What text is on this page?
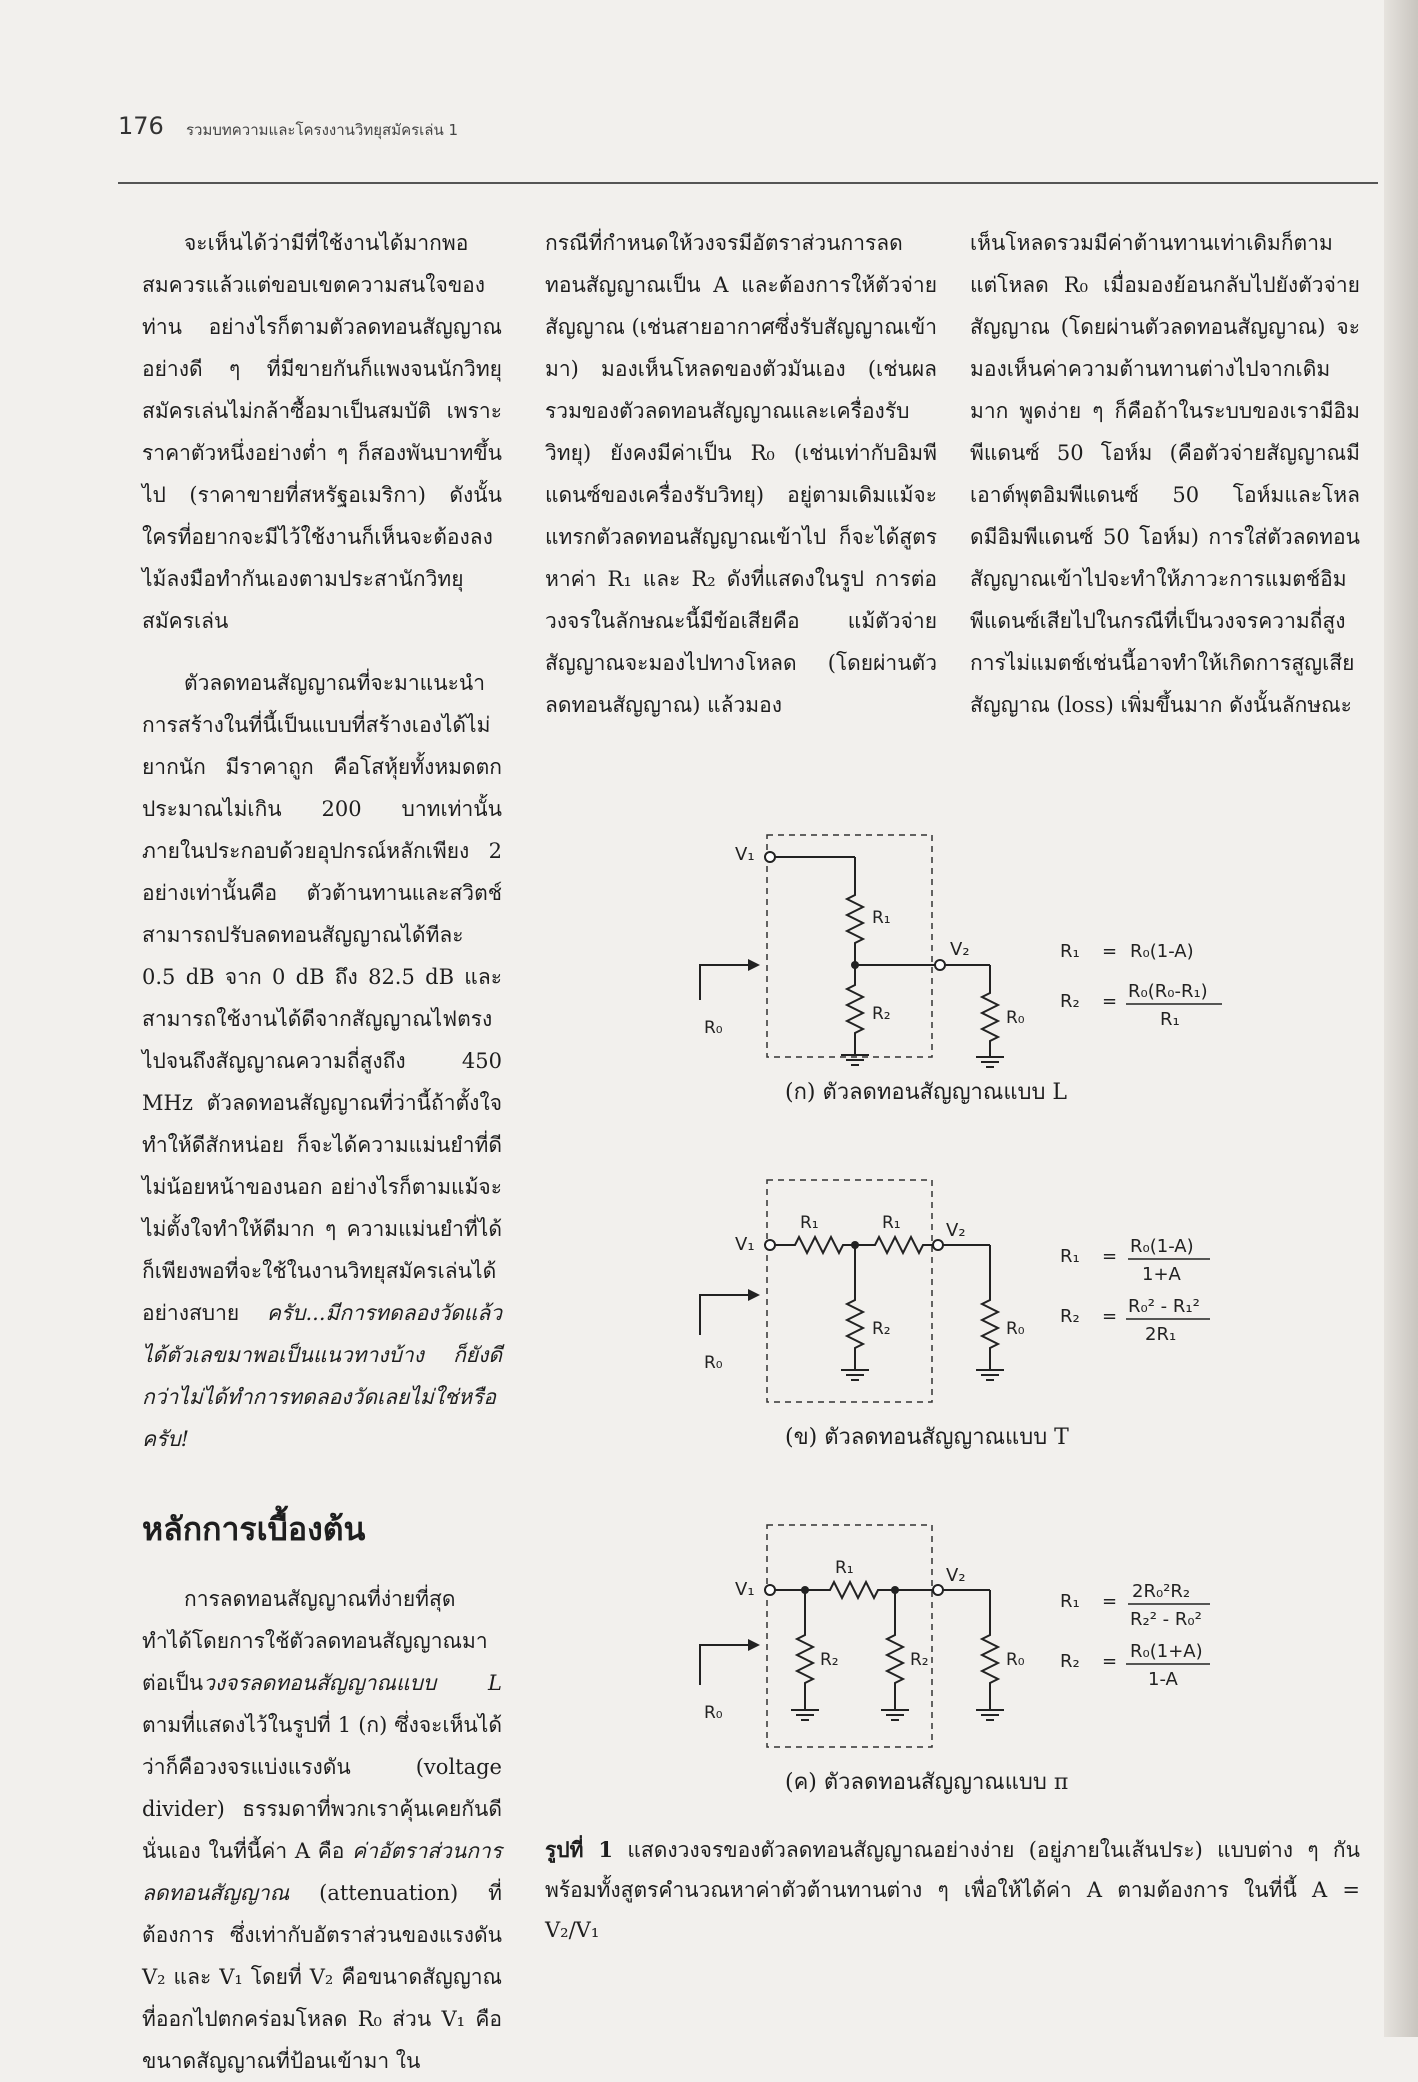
176 รวมบทความและโครงงานวิทยุสมัครเล่น 1

จะเห็นได้ว่ามีที่ใช้งานได้มากพอสมควรแล้วแต่ขอบเขตความสนใจของท่าน อย่างไรก็ตามตัวลดทอนสัญญาณอย่างดี ๆ ที่มีขายกันก็แพงจนนักวิทยุสมัครเล่นไม่กล้าซื้อมาเป็นสมบัติ เพราะราคาตัวหนึ่งอย่างต่ำ ๆ ก็สองพันบาทขึ้นไป (ราคาขายที่สหรัฐอเมริกา) ดังนั้นใครที่อยากจะมีไว้ใช้งานก็เห็นจะต้องลงไม้ลงมือทำกันเองตามประสานักวิทยุสมัครเล่น

ตัวลดทอนสัญญาณที่จะมาแนะนำการสร้างในที่นี้เป็นแบบที่สร้างเองได้ไม่ยากนัก มีราคาถูก คือโสหุ้ยทั้งหมดตกประมาณไม่เกิน 200 บาทเท่านั้น ภายในประกอบด้วยอุปกรณ์หลักเพียง 2 อย่างเท่านั้นคือ ตัวต้านทานและสวิตช์สามารถปรับลดทอนสัญญาณได้ทีละ 0.5 dB จาก 0 dB ถึง 82.5 dB และสามารถใช้งานได้ดีจากสัญญาณไฟตรงไปจนถึงสัญญาณความถี่สูงถึง 450 MHz ตัวลดทอนสัญญาณที่ว่านี้ถ้าตั้งใจทำให้ดีสักหน่อย ก็จะได้ความแม่นยำที่ดีไม่น้อยหน้าของนอก อย่างไรก็ตามแม้จะไม่ตั้งใจทำให้ดีมาก ๆ ความแม่นยำที่ได้ก็เพียงพอที่จะใช้ในงานวิทยุสมัครเล่นได้อย่างสบาย ครับ...มีการทดลองวัดแล้วได้ตัวเลขมาพอเป็นแนวทางบ้าง ก็ยังดีกว่าไม่ได้ทำการทดลองวัดเลยไม่ใช่หรือครับ!

หลักการเบื้องต้น

การลดทอนสัญญาณที่ง่ายที่สุดทำได้โดยการใช้ตัวลดทอนสัญญาณมาต่อเป็นวงจรลดทอนสัญญาณแบบ L ตามที่แสดงไว้ในรูปที่ 1 (ก) ซึ่งจะเห็นได้ว่าก็คือวงจรแบ่งแรงดัน (voltage divider) ธรรมดาที่พวกเราคุ้นเคยกันดีนั่นเอง ในที่นี้ค่า A คือ ค่าอัตราส่วนการลดทอนสัญญาณ (attenuation) ที่ต้องการ ซึ่งเท่ากับอัตราส่วนของแรงดัน V₂ และ V₁ โดยที่ V₂ คือขนาดสัญญาณที่ออกไปตกคร่อมโหลด R₀ ส่วน V₁ คือขนาดสัญญาณที่ป้อนเข้ามา ใน

กรณีที่กำหนดให้วงจรมีอัตราส่วนการลดทอนสัญญาณเป็น A และต้องการให้ตัวจ่ายสัญญาณ (เช่นสายอากาศซึ่งรับสัญญาณเข้ามา) มองเห็นโหลดของตัวมันเอง (เช่นผลรวมของตัวลดทอนสัญญาณและเครื่องรับวิทยุ) ยังคงมีค่าเป็น R₀ (เช่นเท่ากับอิมพีแดนซ์ของเครื่องรับวิทยุ) อยู่ตามเดิมแม้จะแทรกตัวลดทอนสัญญาณเข้าไป ก็จะได้สูตรหาค่า R₁ และ R₂ ดังที่แสดงในรูป การต่อวงจรในลักษณะนี้มีข้อเสียคือ แม้ตัวจ่ายสัญญาณจะมองไปทางโหลด (โดยผ่านตัวลดทอนสัญญาณ) แล้วมอง

เห็นโหลดรวมมีค่าต้านทานเท่าเดิมก็ตาม แต่โหลด R₀ เมื่อมองย้อนกลับไปยังตัวจ่ายสัญญาณ (โดยผ่านตัวลดทอนสัญญาณ) จะมองเห็นค่าความต้านทานต่างไปจากเดิมมาก พูดง่าย ๆ ก็คือถ้าในระบบของเรามีอิมพีแดนซ์ 50 โอห์ม (คือตัวจ่ายสัญญาณมีเอาต์พุตอิมพีแดนซ์ 50 โอห์มและโหลดมีอิมพีแดนซ์ 50 โอห์ม) การใส่ตัวลดทอนสัญญาณเข้าไปจะทำให้ภาวะการแมตช์อิมพีแดนซ์เสียไปในกรณีที่เป็นวงจรความถี่สูง การไม่แมตช์เช่นนี้อาจทำให้เกิดการสูญเสียสัญญาณ (loss) เพิ่มขึ้นมาก ดังนั้นลักษณะ

V₁
R₁
V₂
R₂	R₀
R₀
R₁ = R₀(1-A)
R₂ = R₀(R₀-R₁)
R₁
V₁
R₁	R₁	V₂
R₂	R₀
R₀
R₁ = R₀(1-A)
1+A
R₂ = R₀² - R₁²
2R₁
V₁
R₁	V₂
R₂	R₂	R₀
R₀
R₁ = 2R₀²R₂
R₂² - R₀²
R₂ = R₀(1+A)
1-A
(ก) ตัวลดทอนสัญญาณแบบ L
(ข) ตัวลดทอนสัญญาณแบบ T
(ค) ตัวลดทอนสัญญาณแบบ π
รูปที่ 1 แสดงวงจรของตัวลดทอนสัญญาณอย่างง่าย (อยู่ภายในเส้นประ) แบบต่าง ๆ กันพร้อมทั้งสูตรคำนวณหาค่าตัวต้านทานต่าง ๆ เพื่อให้ได้ค่า A ตามต้องการ ในที่นี้ A = V₂/V₁
